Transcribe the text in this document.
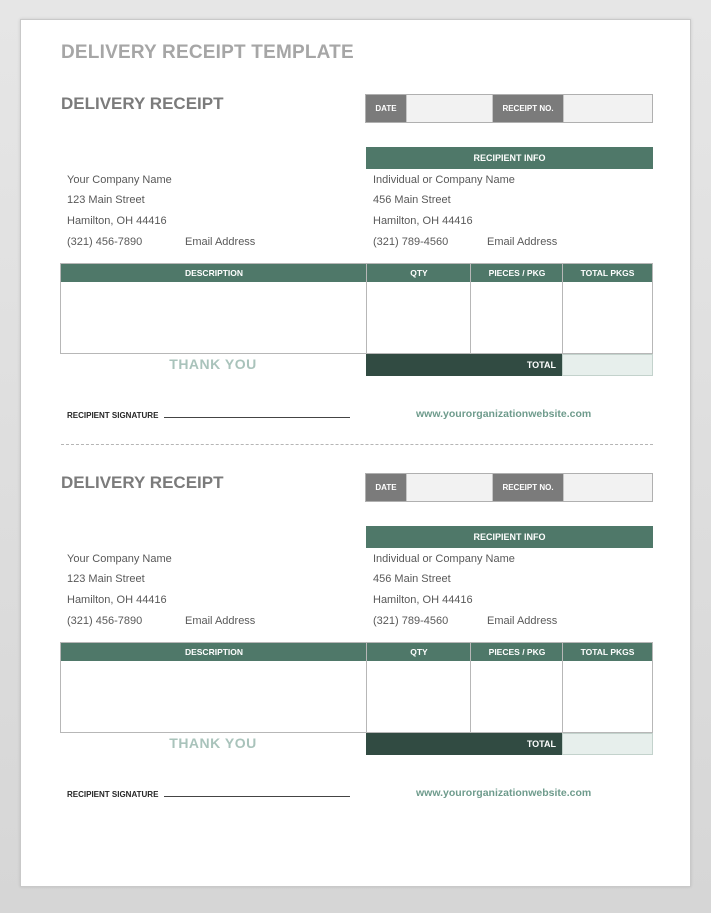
DELIVERY RECEIPT TEMPLATE
DELIVERY RECEIPT	DATE	RECEIPT NO.
RECIPIENT INFO
Your Company Name
123 Main Street
Hamilton, OH 44416
(321) 456-7890	Email Address
Individual or Company Name
456 Main Street
Hamilton, OH 44416
(321) 789-4560	Email Address
DESCRIPTION	QTY	PIECES / PKG	TOTAL PKGS
THANK YOU	TOTAL
RECIPIENT SIGNATURE	www.yourorganizationwebsite.com
DELIVERY RECEIPT	DATE	RECEIPT NO.
RECIPIENT INFO
Your Company Name
123 Main Street
Hamilton, OH 44416
(321) 456-7890	Email Address
Individual or Company Name
456 Main Street
Hamilton, OH 44416
(321) 789-4560	Email Address
DESCRIPTION	QTY	PIECES / PKG	TOTAL PKGS
THANK YOU	TOTAL
RECIPIENT SIGNATURE	www.yourorganizationwebsite.com
